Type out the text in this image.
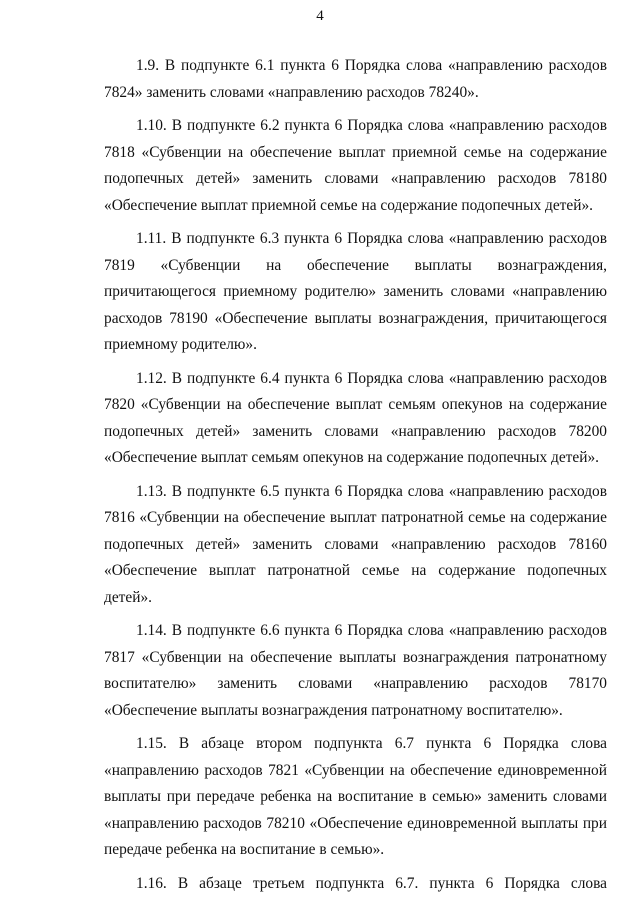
4

1.9. В подпункте 6.1 пункта 6 Порядка слова «направлению расходов 7824» заменить словами «направлению расходов 78240».

1.10. В подпункте 6.2 пункта 6 Порядка слова «направлению расходов 7818 «Субвенции на обеспечение выплат приемной семье на содержание подопечных детей» заменить словами «направлению расходов 78180 «Обеспечение выплат приемной семье на содержание подопечных детей».

1.11. В подпункте 6.3 пункта 6 Порядка слова «направлению расходов 7819 «Субвенции на обеспечение выплаты вознаграждения, причитающегося приемному родителю» заменить словами «направлению расходов 78190 «Обеспечение выплаты вознаграждения, причитающегося приемному родителю».

1.12. В подпункте 6.4 пункта 6 Порядка слова «направлению расходов 7820 «Субвенции на обеспечение выплат семьям опекунов на содержание подопечных детей» заменить словами «направлению расходов 78200 «Обеспечение выплат семьям опекунов на содержание подопечных детей».

1.13. В подпункте 6.5 пункта 6 Порядка слова «направлению расходов 7816 «Субвенции на обеспечение выплат патронатной семье на содержание подопечных детей» заменить словами «направлению расходов 78160 «Обеспечение выплат патронатной семье на содержание подопечных детей».

1.14. В подпункте 6.6 пункта 6 Порядка слова «направлению расходов 7817 «Субвенции на обеспечение выплаты вознаграждения патронатному воспитателю» заменить словами «направлению расходов 78170 «Обеспечение выплаты вознаграждения патронатному воспитателю».

1.15. В абзаце втором подпункта 6.7 пункта 6 Порядка слова «направлению расходов 7821 «Субвенции на обеспечение единовременной выплаты при передаче ребенка на воспитание в семью» заменить словами «направлению расходов 78210 «Обеспечение единовременной выплаты при передаче ребенка на воспитание в семью».

1.16. В абзаце третьем подпункта 6.7. пункта 6 Порядка слова
